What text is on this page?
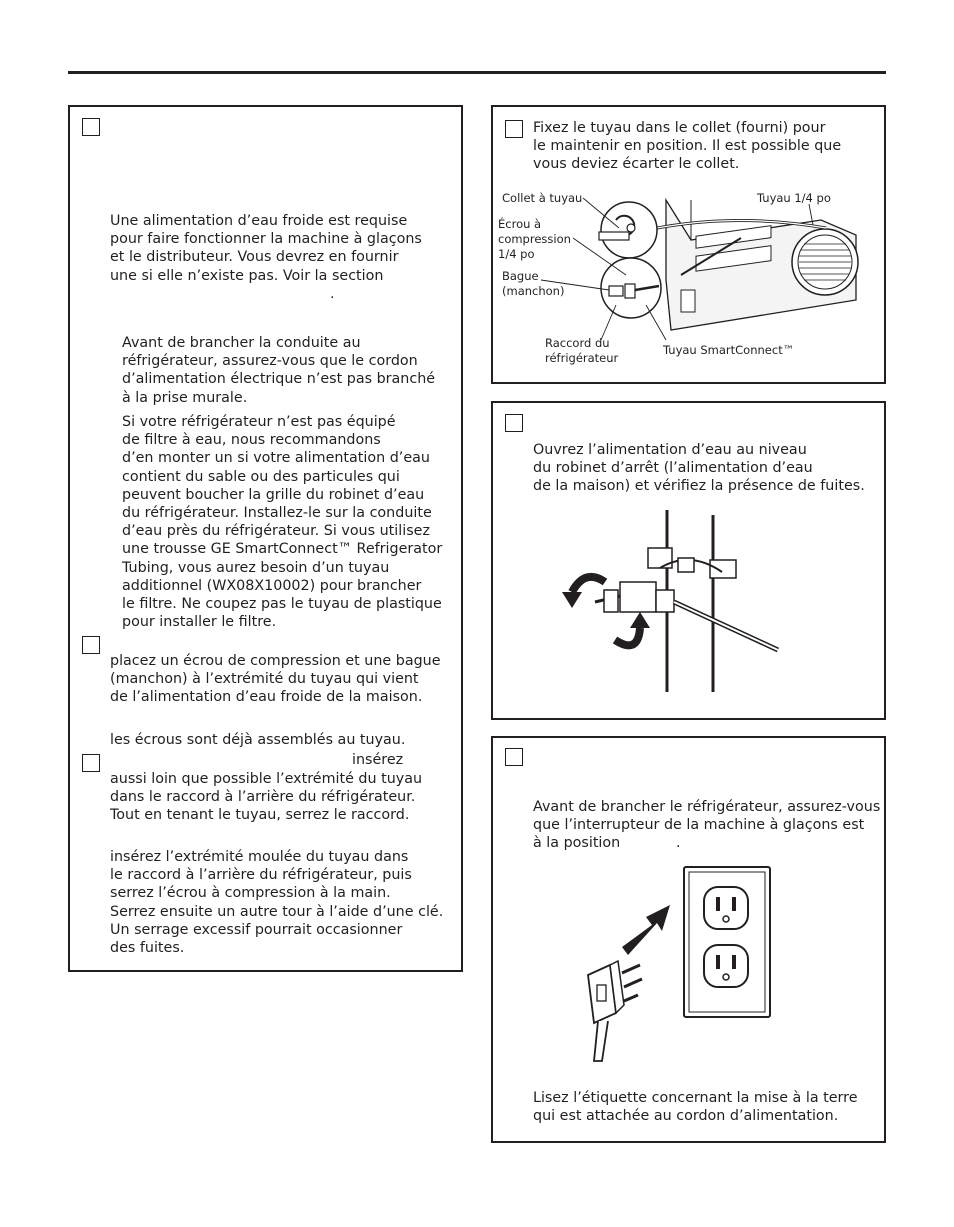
Une alimentation d’eau froide est requise
pour faire fonctionner la machine à glaçons
et le distributeur. Vous devrez en fournir
une si elle n’existe pas. Voir la section
.
Avant de brancher la conduite au
réfrigérateur, assurez-vous que le cordon
d’alimentation électrique n’est pas branché
à la prise murale.
Si votre réfrigérateur n’est pas équipé
de filtre à eau, nous recommandons
d’en monter un si votre alimentation d’eau
contient du sable ou des particules qui
peuvent boucher la grille du robinet d’eau
du réfrigérateur. Installez-le sur la conduite
d’eau près du réfrigérateur. Si vous utilisez
une trousse GE SmartConnect™ Refrigerator
Tubing, vous aurez besoin d’un tuyau
additionnel (WX08X10002) pour brancher
le filtre. Ne coupez pas le tuyau de plastique
pour installer le filtre.
placez un écrou de compression et une bague
(manchon) à l’extrémité du tuyau qui vient
de l’alimentation d’eau froide de la maison.

les écrous sont déjà assemblés au tuyau.

insérez

aussi loin que possible l’extrémité du tuyau
dans le raccord à l’arrière du réfrigérateur.
Tout en tenant le tuyau, serrez le raccord.
insérez l’extrémité moulée du tuyau dans
le raccord à l’arrière du réfrigérateur, puis
serrez l’écrou à compression à la main.
Serrez ensuite un autre tour à l’aide d’une clé.
Un serrage excessif pourrait occasionner
des fuites.
Fixez le tuyau dans le collet (fourni) pour
le maintenir en position. Il est possible que
vous deviez écarter le collet.
Collet à tuyau	Tuyau 1/4 po
Écrou à
compression
1/4 po
Bague
(manchon)
Raccord du
réfrigérateur
Tuyau SmartConnect™
Ouvrez l’alimentation d’eau au niveau
du robinet d’arrêt (l’alimentation d’eau
de la maison) et vérifiez la présence de fuites.
Avant de brancher le réfrigérateur, assurez-vous
que l’interrupteur de la machine à glaçons est
à la position	.

Lisez l’étiquette concernant la mise à la terre
qui est attachée au cordon d’alimentation.
